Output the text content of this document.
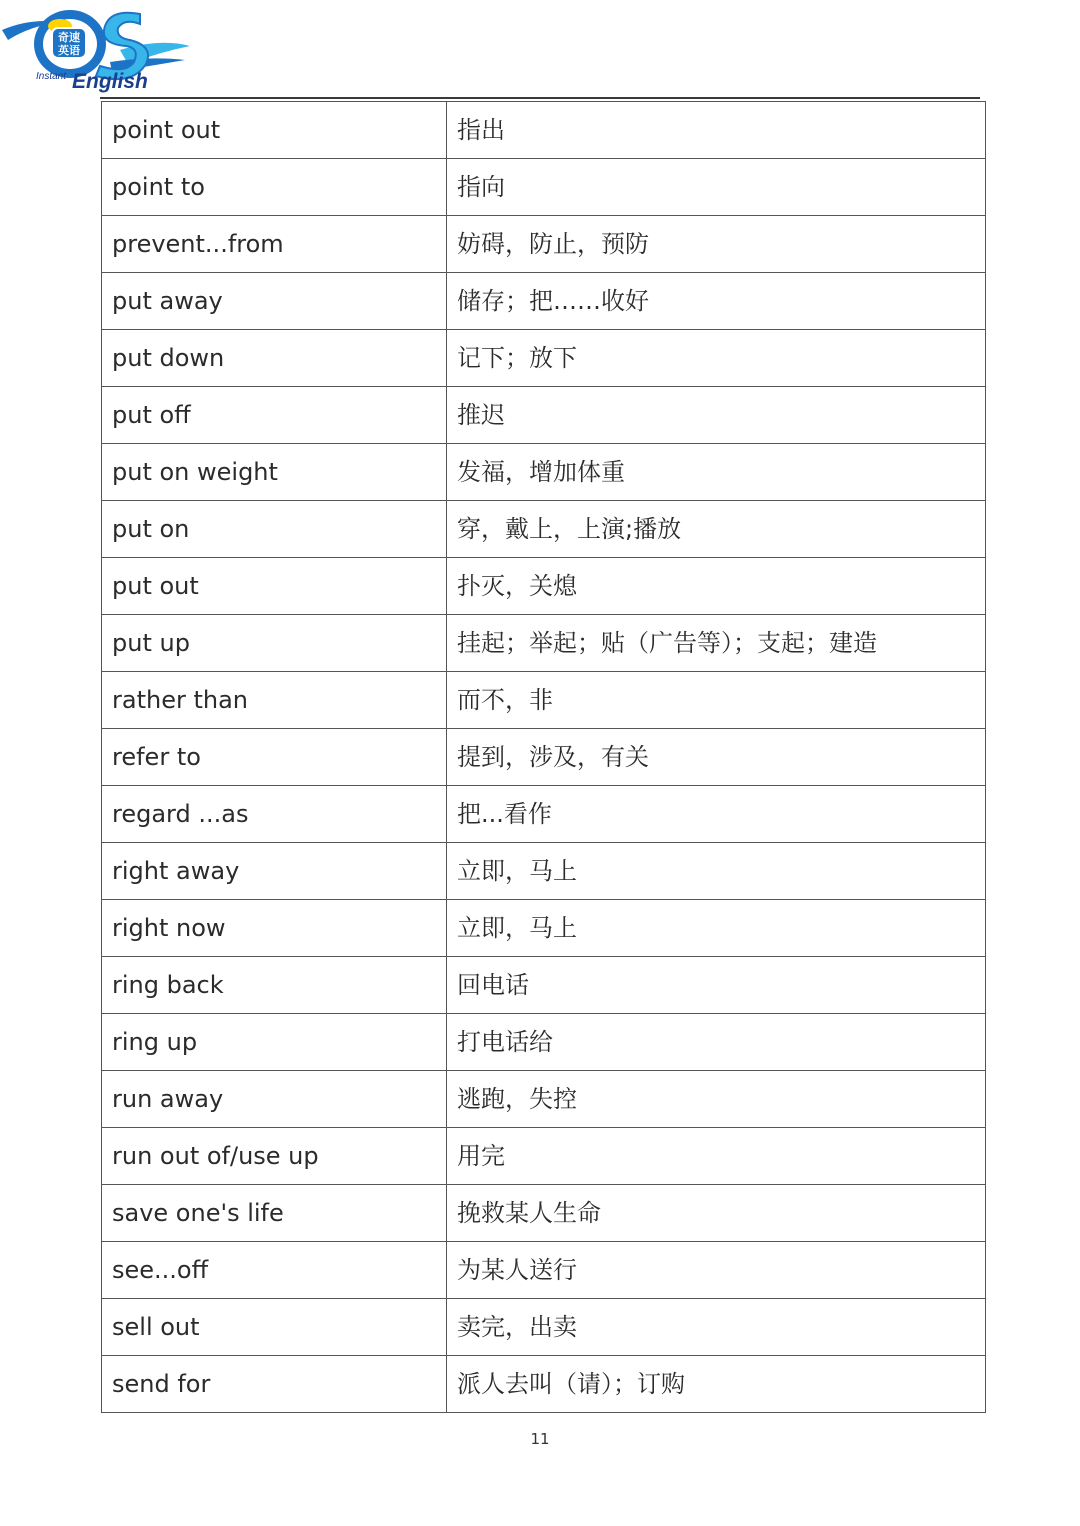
奇速
英语
Instant English
point out	指出
point to	指向
prevent...from	妨碍，防止，预防
put away	储存；把……收好
put down	记下；放下
put off	推迟
put on weight	发福，增加体重
put on	穿，戴上，上演;播放
put out	扑灭，关熄
put up	挂起；举起；贴（广告等）；支起；建造
rather than	而不，非
refer to	提到，涉及，有关
regard ...as	把...看作
right away	立即，马上
right now	立即，马上
ring back	回电话
ring up	打电话给
run away	逃跑，失控
run out of/use up	用完
save one's life	挽救某人生命
see...off	为某人送行
sell out	卖完，出卖
send for	派人去叫（请）；订购
11
